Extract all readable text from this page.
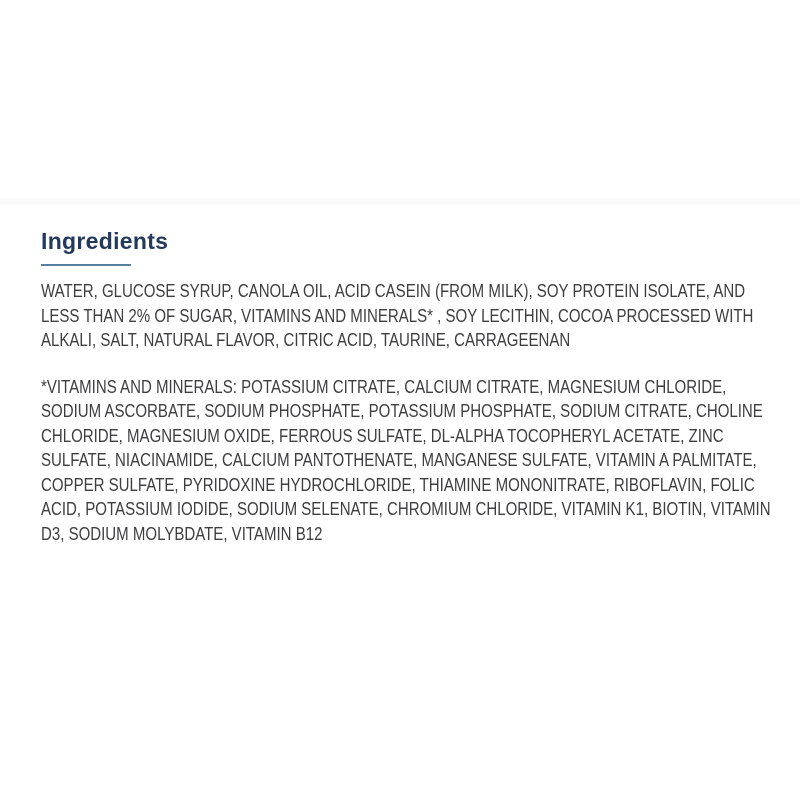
Ingredients

WATER, GLUCOSE SYRUP, CANOLA OIL, ACID CASEIN (FROM MILK), SOY PROTEIN ISOLATE, AND LESS THAN 2% OF SUGAR, VITAMINS AND MINERALS* , SOY LECITHIN, COCOA PROCESSED WITH ALKALI, SALT, NATURAL FLAVOR, CITRIC ACID, TAURINE, CARRAGEENAN

*VITAMINS AND MINERALS: POTASSIUM CITRATE, CALCIUM CITRATE, MAGNESIUM CHLORIDE, SODIUM ASCORBATE, SODIUM PHOSPHATE, POTASSIUM PHOSPHATE, SODIUM CITRATE, CHOLINE CHLORIDE, MAGNESIUM OXIDE, FERROUS SULFATE, DL-ALPHA TOCOPHERYL ACETATE, ZINC SULFATE, NIACINAMIDE, CALCIUM PANTOTHENATE, MANGANESE SULFATE, VITAMIN A PALMITATE, COPPER SULFATE, PYRIDOXINE HYDROCHLORIDE, THIAMINE MONONITRATE, RIBOFLAVIN, FOLIC ACID, POTASSIUM IODIDE, SODIUM SELENATE, CHROMIUM CHLORIDE, VITAMIN K1, BIOTIN, VITAMIN D3, SODIUM MOLYBDATE, VITAMIN B12
